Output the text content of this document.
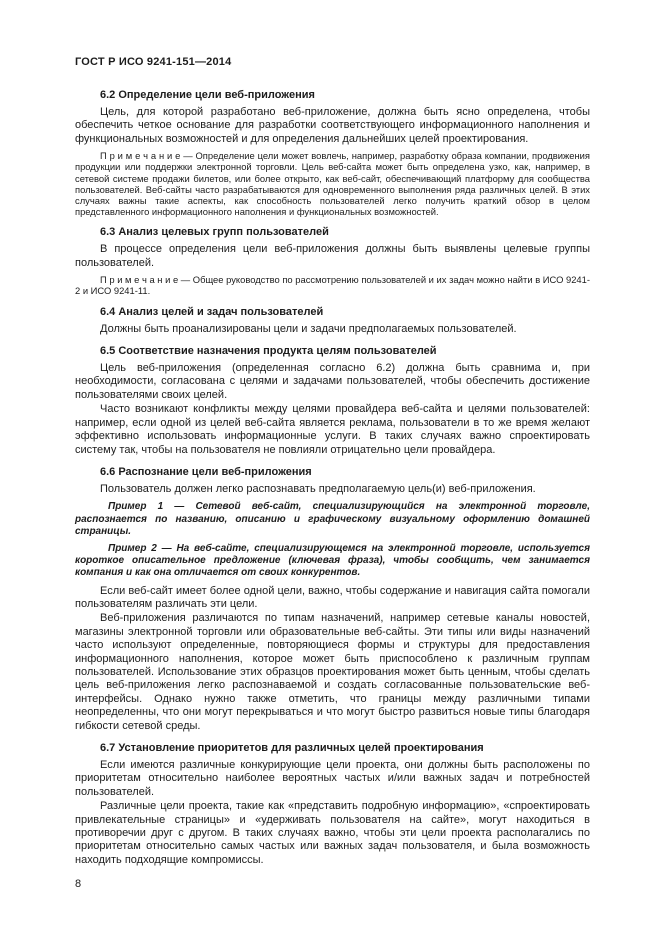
ГОСТ Р ИСО 9241-151—2014
6.2 Определение цели веб-приложения

Цель, для которой разработано веб-приложение, должна быть ясно определена, чтобы обеспечить четкое основание для разработки соответствующего информационного наполнения и функциональных возможностей и для определения дальнейших целей проектирования.

П р и м е ч а н и е — Определение цели может вовлечь, например, разработку образа компании, продвижения продукции или поддержки электронной торговли. Цель веб-сайта может быть определена узко, как, например, в сетевой системе продажи билетов, или более открыто, как веб-сайт, обеспечивающий платформу для сообщества пользователей. Веб-сайты часто разрабатываются для одновременного выполнения ряда различных целей. В этих случаях важны такие аспекты, как способность пользователей легко получить краткий обзор в целом представленного информационного наполнения и функциональных возможностей.

6.3 Анализ целевых групп пользователей

В процессе определения цели веб-приложения должны быть выявлены целевые группы пользователей.

П р и м е ч а н и е — Общее руководство по рассмотрению пользователей и их задач можно найти в ИСО 9241-2 и ИСО 9241-11.

6.4 Анализ целей и задач пользователей

Должны быть проанализированы цели и задачи предполагаемых пользователей.

6.5 Соответствие назначения продукта целям пользователей

Цель веб-приложения (определенная согласно 6.2) должна быть сравнима и, при необходимости, согласована с целями и задачами пользователей, чтобы обеспечить достижение пользователями своих целей.

Часто возникают конфликты между целями провайдера веб-сайта и целями пользователей: например, если одной из целей веб-сайта является реклама, пользователи в то же время желают эффективно использовать информационные услуги. В таких случаях важно спроектировать систему так, чтобы на пользователя не повлияли отрицательно цели провайдера.

6.6 Распознание цели веб-приложения

Пользователь должен легко распознавать предполагаемую цель(и) веб-приложения.

Пример 1 — Сетевой веб-сайт, специализирующийся на электронной торговле, распознается по названию, описанию и графическому визуальному оформлению домашней страницы.

Пример 2 — На веб-сайте, специализирующемся на электронной торговле, используется короткое описательное предложение (ключевая фраза), чтобы сообщить, чем занимается компания и как она отличается от своих конкурентов.

Если веб-сайт имеет более одной цели, важно, чтобы содержание и навигация сайта помогали пользователям различать эти цели.

Веб-приложения различаются по типам назначений, например сетевые каналы новостей, магазины электронной торговли или образовательные веб-сайты. Эти типы или виды назначений часто используют определенные, повторяющиеся формы и структуры для предоставления информационного наполнения, которое может быть приспособлено к различным группам пользователей. Использование этих образцов проектирования может быть ценным, чтобы сделать цель веб-приложения легко распознаваемой и создать согласованные пользовательские веб-интерфейсы. Однако нужно также отметить, что границы между различными типами неопределенны, что они могут перекрываться и что могут быстро развиться новые типы благодаря гибкости сетевой среды.

6.7 Установление приоритетов для различных целей проектирования

Если имеются различные конкурирующие цели проекта, они должны быть расположены по приоритетам относительно наиболее вероятных частых и/или важных задач и потребностей пользователей.

Различные цели проекта, такие как «представить подробную информацию», «спроектировать привлекательные страницы» и «удерживать пользователя на сайте», могут находиться в противоречии друг с другом. В таких случаях важно, чтобы эти цели проекта располагались по приоритетам относительно самых частых или важных задач пользователя, и была возможность находить подходящие компромиссы.

8
